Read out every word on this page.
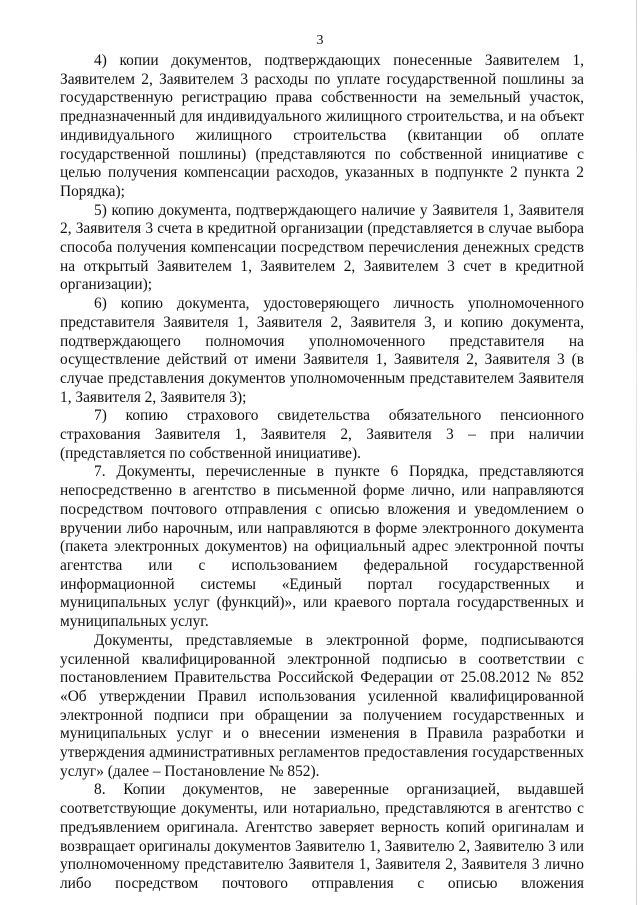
3

4) копии документов, подтверждающих понесенные Заявителем 1, Заявителем 2, Заявителем 3 расходы по уплате государственной пошлины за государственную регистрацию права собственности на земельный участок, предназначенный для индивидуального жилищного строительства, и на объект индивидуального жилищного строительства (квитанции об оплате государственной пошлины) (представляются по собственной инициативе с целью получения компенсации расходов, указанных в подпункте 2 пункта 2 Порядка);

5) копию документа, подтверждающего наличие у Заявителя 1, Заявителя 2, Заявителя 3 счета в кредитной организации (представляется в случае выбора способа получения компенсации посредством перечисления денежных средств на открытый Заявителем 1, Заявителем 2, Заявителем 3 счет в кредитной организации);

6) копию документа, удостоверяющего личность уполномоченного представителя Заявителя 1, Заявителя 2, Заявителя 3, и копию документа, подтверждающего полномочия уполномоченного представителя на осуществление действий от имени Заявителя 1, Заявителя 2, Заявителя 3 (в случае представления документов уполномоченным представителем Заявителя 1, Заявителя 2, Заявителя 3);

7) копию страхового свидетельства обязательного пенсионного страхования Заявителя 1, Заявителя 2, Заявителя 3 – при наличии (представляется по собственной инициативе).

7. Документы, перечисленные в пункте 6 Порядка, представляются непосредственно в агентство в письменной форме лично, или направляются посредством почтового отправления с описью вложения и уведомлением о вручении либо нарочным, или направляются в форме электронного документа (пакета электронных документов) на официальный адрес электронной почты агентства или с использованием федеральной государственной информационной системы «Единый портал государственных и муниципальных услуг (функций)», или краевого портала государственных и муниципальных услуг.

Документы, представляемые в электронной форме, подписываются усиленной квалифицированной электронной подписью в соответствии с постановлением Правительства Российской Федерации от 25.08.2012 № 852 «Об утверждении Правил использования усиленной квалифицированной электронной подписи при обращении за получением государственных и муниципальных услуг и о внесении изменения в Правила разработки и утверждения административных регламентов предоставления государственных услуг» (далее – Постановление № 852).

8. Копии документов, не заверенные организацией, выдавшей соответствующие документы, или нотариально, представляются в агентство с предъявлением оригинала. Агентство заверяет верность копий оригиналам и возвращает оригиналы документов Заявителю 1, Заявителю 2, Заявителю 3 или уполномоченному представителю Заявителя 1, Заявителя 2, Заявителя 3 лично либо посредством почтового отправления с описью вложения
